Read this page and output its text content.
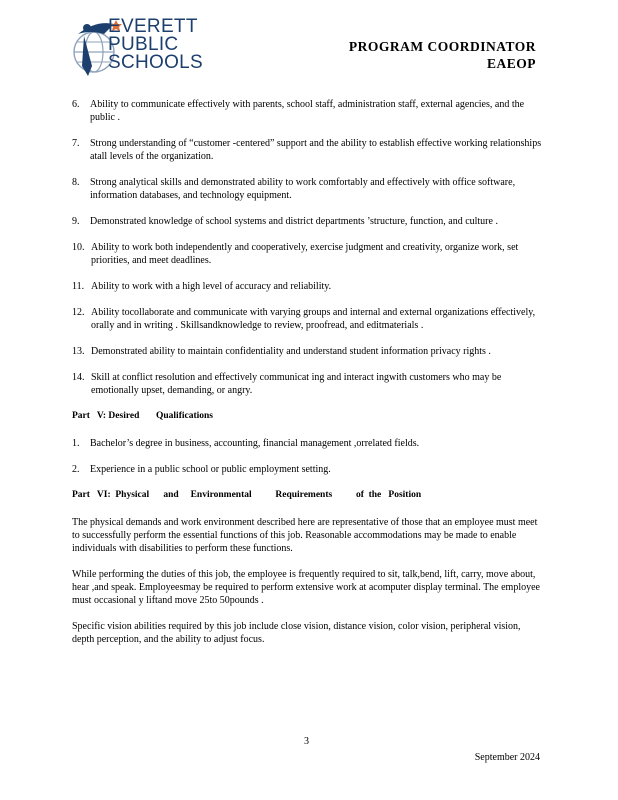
EVERETT
PUBLIC
SCHOOLS
PROGRAM COORDINATOR
EAEOP
6. Ability to communicate effectively with parents, school staff, administration staff, external agencies, and the public .
7. Strong understanding of “customer -centered” support and the ability to establish effective working relationships atall levels of the organization.
8. Strong analytical skills and demonstrated ability to work comfortably and effectively with office software, information databases, and technology equipment.
9. Demonstrated knowledge of school systems and district departments ’structure, function, and culture .
10. Ability to work both independently and cooperatively, exercise judgment and creativity, organize work, set priorities, and meet deadlines.
11. Ability to work with a high level of accuracy and reliability.
12. Ability tocollaborate and communicate with varying groups and internal and external organizations effectively, orally and in writing . Skillsandknowledge to review, proofread, and editmaterials .
13. Demonstrated ability to maintain confidentiality and understand student information privacy rights .
14. Skill at conflict resolution and effectively communicat ing and interact ingwith customers who may be emotionally upset, demanding, or angry.
Part   V: Desired       Qualifications
1. Bachelor’s degree in business, accounting, financial management ,orrelated fields.
2. Experience in a public school or public employment setting.
Part   VI:  Physical      and     Environmental          Requirements          of  the   Position
The physical demands and work environment described here are representative of those that an employee must meet to successfully perform the essential functions of this job. Reasonable accommodations may be made to enable individuals with disabilities to perform these functions.
While performing the duties of this job, the employee is frequently required to sit, talk,bend, lift, carry, move about, hear ,and speak. Employeesmay be required to perform extensive work at acomputer display terminal. The employee must occasional y liftand move 25to 50pounds .
Specific vision abilities required by this job include close vision, distance vision, color vision, peripheral vision, depth perception, and the ability to adjust focus.
3
September 2024
